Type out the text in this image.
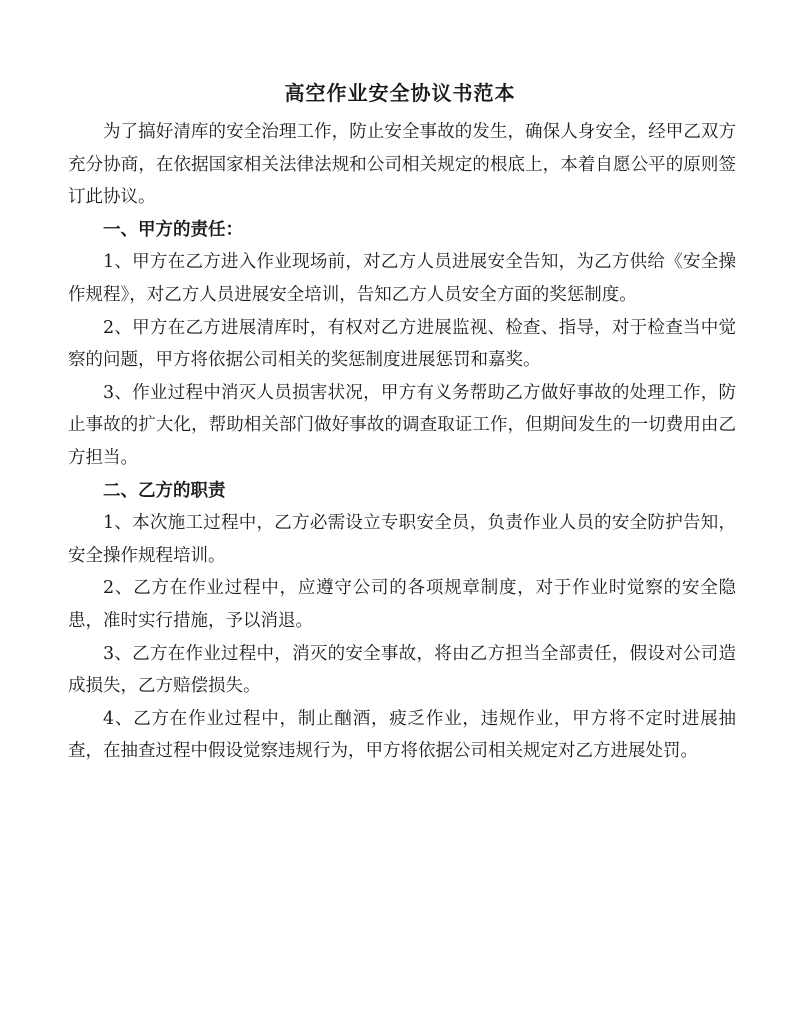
高空作业安全协议书范本

为了搞好清库的安全治理工作，防止安全事故的发生，确保人身安全，经甲乙双方充分协商，在依据国家相关法律法规和公司相关规定的根底上，本着自愿公平的原则签订此协议。

一、甲方的责任：

1、甲方在乙方进入作业现场前，对乙方人员进展安全告知，为乙方供给《安全操作规程》，对乙方人员进展安全培训，告知乙方人员安全方面的奖惩制度。

2、甲方在乙方进展清库时，有权对乙方进展监视、检查、指导，对于检查当中觉察的问题，甲方将依据公司相关的奖惩制度进展惩罚和嘉奖。

3、作业过程中消灭人员损害状况，甲方有义务帮助乙方做好事故的处理工作，防止事故的扩大化，帮助相关部门做好事故的调查取证工作，但期间发生的一切费用由乙方担当。

二、乙方的职责

1、本次施工过程中，乙方必需设立专职安全员，负责作业人员的安全防护告知，安全操作规程培训。

2、乙方在作业过程中，应遵守公司的各项规章制度，对于作业时觉察的安全隐患，准时实行措施，予以消退。

3、乙方在作业过程中，消灭的安全事故，将由乙方担当全部责任，假设对公司造成损失，乙方赔偿损失。

4、乙方在作业过程中，制止酗酒，疲乏作业，违规作业，甲方将不定时进展抽查，在抽查过程中假设觉察违规行为，甲方将依据公司相关规定对乙方进展处罚。
